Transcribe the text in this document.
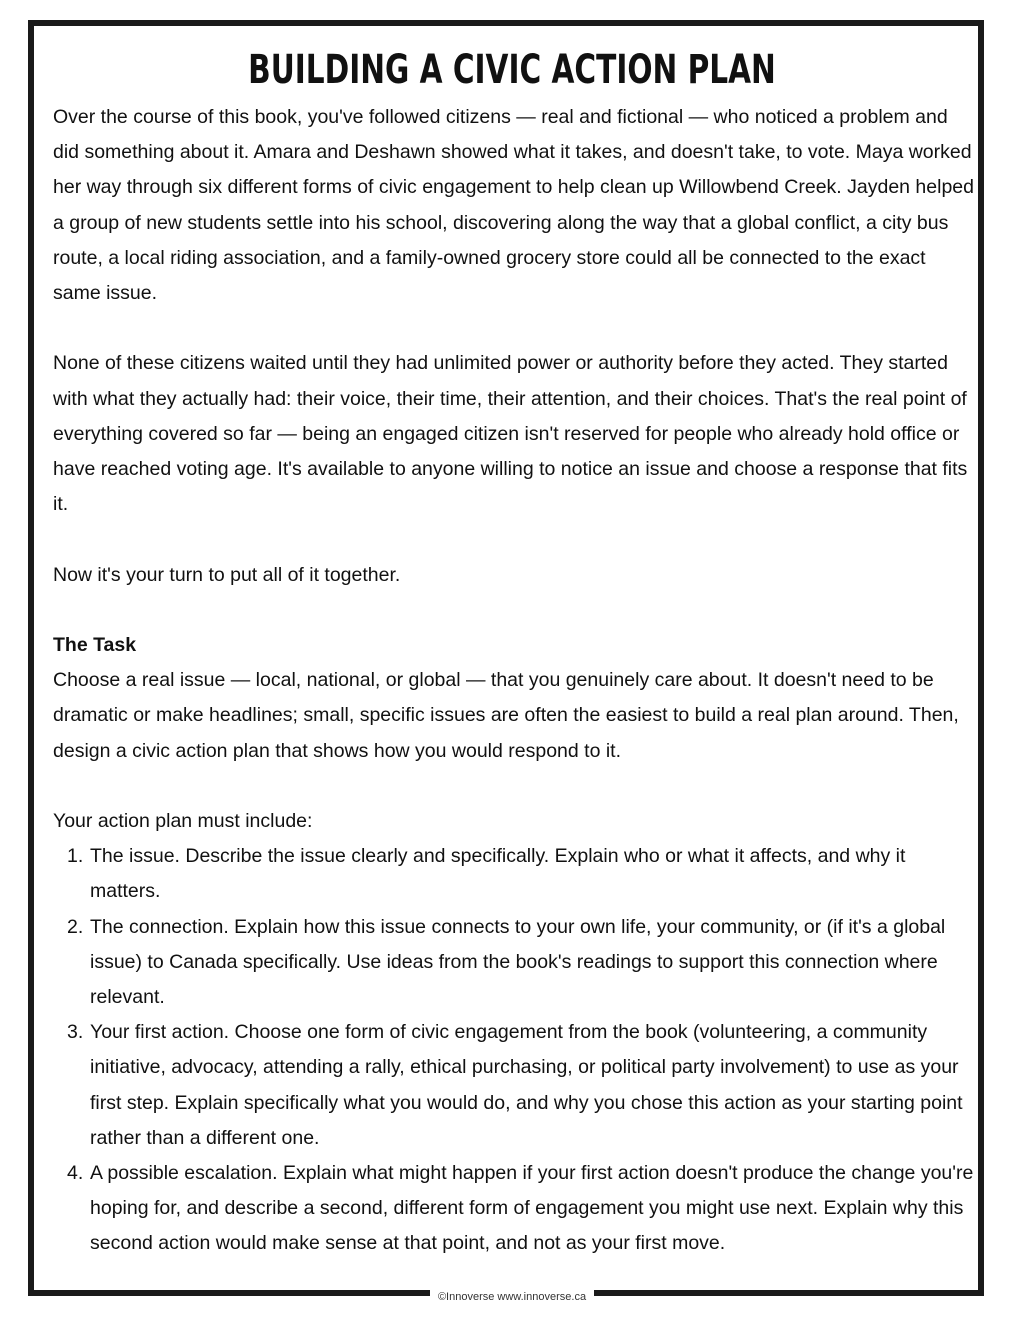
BUILDING A CIVIC ACTION PLAN

Over the course of this book, you've followed citizens — real and fictional — who noticed a problem and did something about it. Amara and Deshawn showed what it takes, and doesn't take, to vote. Maya worked her way through six different forms of civic engagement to help clean up Willowbend Creek. Jayden helped a group of new students settle into his school, discovering along the way that a global conflict, a city bus route, a local riding association, and a family-owned grocery store could all be connected to the exact same issue.

None of these citizens waited until they had unlimited power or authority before they acted. They started with what they actually had: their voice, their time, their attention, and their choices. That's the real point of everything covered so far — being an engaged citizen isn't reserved for people who already hold office or have reached voting age. It's available to anyone willing to notice an issue and choose a response that fits it.

Now it's your turn to put all of it together.

The Task

Choose a real issue — local, national, or global — that you genuinely care about. It doesn't need to be dramatic or make headlines; small, specific issues are often the easiest to build a real plan around. Then, design a civic action plan that shows how you would respond to it.

Your action plan must include:

1. The issue. Describe the issue clearly and specifically. Explain who or what it affects, and why it matters.
2. The connection. Explain how this issue connects to your own life, your community, or (if it's a global issue) to Canada specifically. Use ideas from the book's readings to support this connection where relevant.
3. Your first action. Choose one form of civic engagement from the book (volunteering, a community initiative, advocacy, attending a rally, ethical purchasing, or political party involvement) to use as your first step. Explain specifically what you would do, and why you chose this action as your starting point rather than a different one.
4. A possible escalation. Explain what might happen if your first action doesn't produce the change you're hoping for, and describe a second, different form of engagement you might use next. Explain why this second action would make sense at that point, and not as your first move.
©Innoverse www.innoverse.ca
